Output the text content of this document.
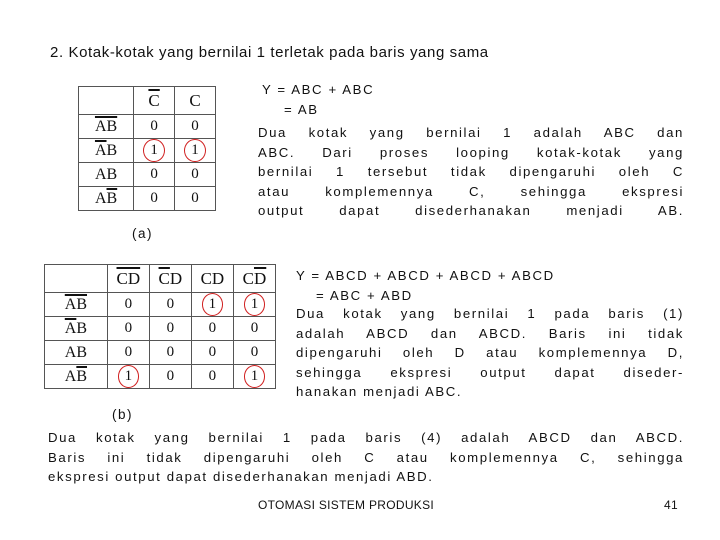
2. Kotak-kotak yang bernilai 1 terletak pada baris yang sama
	$\overline{C}$	C
$\overline{AB}$	0	0
$\overline{A}B$	1	1
AB	0	0
$A\overline{B}$	0	0
(a)

Y = ABC + ABC

= AB

Dua kotak yang bernilai 1 adalah ABC dan

ABC. Dari proses looping kotak-kotak yang

bernilai 1 tersebut tidak dipengaruhi oleh C

atau komplemennya C, sehingga ekspresi

output dapat disederhanakan menjadi AB.

	$\overline{CD}$	$\overline{C}D$	CD	$C\overline{D}$
$\overline{AB}$	0	0	1	1
$\overline{A}B$	0	0	0	0
AB	0	0	0	0
$A\overline{B}$	1	0	0	1

Y = ABCD + ABCD + ABCD + ABCD

= ABC + ABD

Dua kotak yang bernilai 1 pada baris (1)

adalah ABCD dan ABCD. Baris ini tidak

dipengaruhi oleh D atau komplemennya D,

sehingga ekspresi output dapat diseder-

hanakan menjadi ABC.

(b)

Dua kotak yang bernilai 1 pada baris (4) adalah ABCD dan ABCD.

Baris ini tidak dipengaruhi oleh C atau komplemennya C, sehingga

ekspresi output dapat disederhanakan menjadi ABD.

OTOMASI SISTEM PRODUKSI	41
